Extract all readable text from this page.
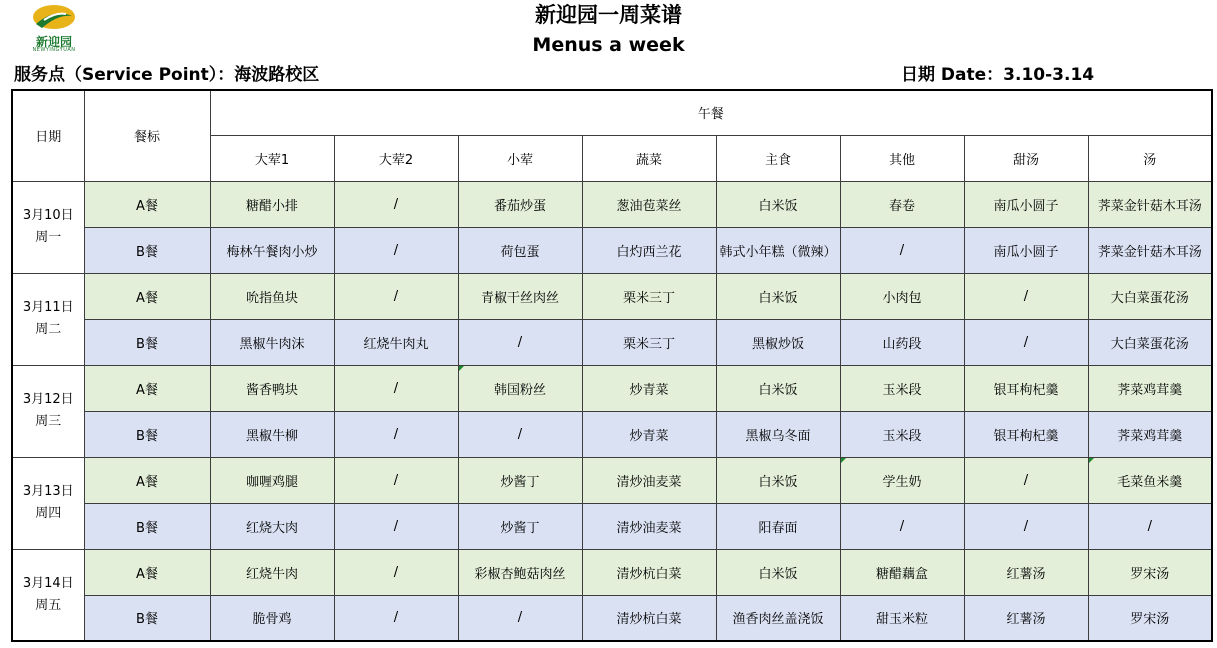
新迎园
NEWYINGYUAN
新迎园一周菜谱
Menus a week
服务点（Service Point）：海波路校区	日期 Date：3.10-3.14
日期	餐标	午餐							
		大荤1	大荤2	小荤	蔬菜	主食	其他	甜汤	汤

3月10日
周一	A餐	糖醋小排	/	番茄炒蛋	葱油苞菜丝	白米饭	春卷	南瓜小圆子	荠菜金针菇木耳汤
	B餐	梅林午餐肉小炒	/	荷包蛋	白灼西兰花	韩式小年糕（微辣）	/	南瓜小圆子	荠菜金针菇木耳汤

3月11日
周二	A餐	吮指鱼块	/	青椒干丝肉丝	栗米三丁	白米饭	小肉包	/	大白菜蛋花汤
	B餐	黑椒牛肉沫	红烧牛肉丸	/	栗米三丁	黑椒炒饭	山药段	/	大白菜蛋花汤

3月12日
周三	A餐	酱香鸭块	/	韩国粉丝	炒青菜	白米饭	玉米段	银耳枸杞羹	荠菜鸡茸羹
	B餐	黑椒牛柳	/	/	炒青菜	黑椒乌冬面	玉米段	银耳枸杞羹	荠菜鸡茸羹

3月13日
周四	A餐	咖喱鸡腿	/	炒酱丁	清炒油麦菜	白米饭	学生奶	/	毛菜鱼米羹
	B餐	红烧大肉	/	炒酱丁	清炒油麦菜	阳春面	/	/	/

3月14日
周五	A餐	红烧牛肉	/	彩椒杏鲍菇肉丝	清炒杭白菜	白米饭	糖醋藕盒	红薯汤	罗宋汤
	B餐	脆骨鸡	/	/	清炒杭白菜	渔香肉丝盖浇饭	甜玉米粒	红薯汤	罗宋汤
